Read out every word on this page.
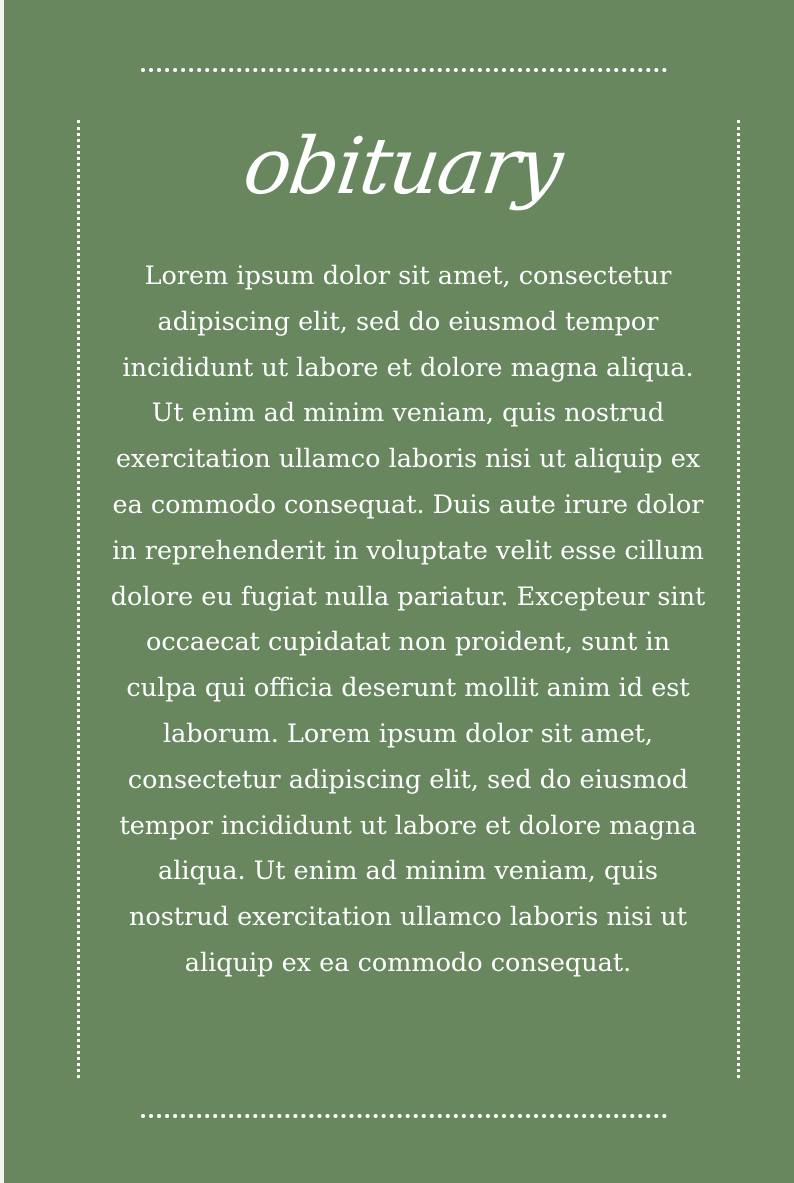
obituary

Lorem ipsum dolor sit amet, consectetur adipiscing elit, sed do eiusmod tempor incididunt ut labore et dolore magna aliqua. Ut enim ad minim veniam, quis nostrud exercitation ullamco laboris nisi ut aliquip ex ea commodo consequat. Duis aute irure dolor in reprehenderit in voluptate velit esse cillum dolore eu fugiat nulla pariatur. Excepteur sint occaecat cupidatat non proident, sunt in culpa qui officia deserunt mollit anim id est laborum. Lorem ipsum dolor sit amet, consectetur adipiscing elit, sed do eiusmod tempor incididunt ut labore et dolore magna aliqua. Ut enim ad minim veniam, quis nostrud exercitation ullamco laboris nisi ut aliquip ex ea commodo consequat.
